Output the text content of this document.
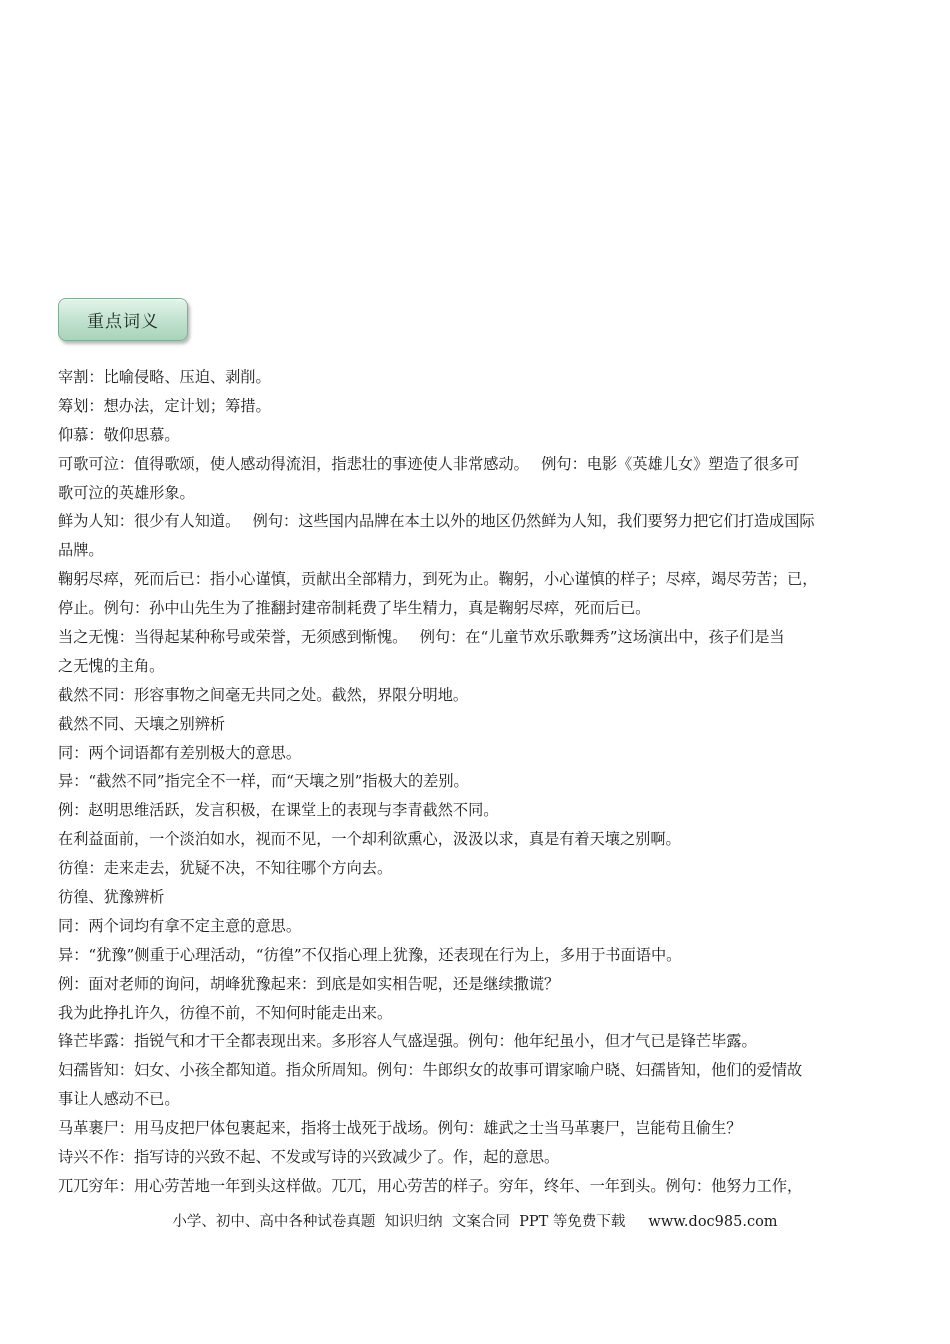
重点词义
宰割：比喻侵略、压迫、剥削。
筹划：想办法，定计划；筹措。
仰慕：敬仰思慕。
可歌可泣：值得歌颂，使人感动得流泪，指悲壮的事迹使人非常感动。　 例句：电影《英雄儿女》塑造了很多可
歌可泣的英雄形象。
鲜为人知：很少有人知道。　 例句：这些国内品牌在本土以外的地区仍然鲜为人知，我们要努力把它们打造成国际
品牌。
鞠躬尽瘁，死而后已：指小心谨慎，贡献出全部精力，到死为止。鞠躬，小心谨慎的样子；尽瘁，竭尽劳苦；已，
停止。例句：孙中山先生为了推翻封建帝制耗费了毕生精力，真是鞠躬尽瘁，死而后已。
当之无愧：当得起某种称号或荣誉，无须感到惭愧。　 例句：在“儿童节欢乐歌舞秀”这场演出中，孩子们是当
之无愧的主角。
截然不同：形容事物之间毫无共同之处。截然，界限分明地。
截然不同、天壤之别辨析
同：两个词语都有差别极大的意思。
异：“截然不同”指完全不一样，而“天壤之别”指极大的差别。
例：赵明思维活跃，发言积极，在课堂上的表现与李青截然不同。
在利益面前，一个淡泊如水，视而不见，一个却利欲熏心，汲汲以求，真是有着天壤之别啊。
彷徨：走来走去，犹疑不决，不知往哪个方向去。
彷徨、犹豫辨析
同：两个词均有拿不定主意的意思。
异：“犹豫”侧重于心理活动，“彷徨”不仅指心理上犹豫，还表现在行为上，多用于书面语中。
例：面对老师的询问，胡峰犹豫起来：到底是如实相告呢，还是继续撒谎？
我为此挣扎许久，彷徨不前，不知何时能走出来。
锋芒毕露：指锐气和才干全都表现出来。多形容人气盛逞强。例句：他年纪虽小，但才气已是锋芒毕露。
妇孺皆知：妇女、小孩全都知道。指众所周知。例句：牛郎织女的故事可谓家喻户晓、妇孺皆知，他们的爱情故
事让人感动不已。
马革裹尸：用马皮把尸体包裹起来，指将士战死于战场。例句：雄武之士当马革裹尸，岂能苟且偷生？
诗兴不作：指写诗的兴致不起、不发或写诗的兴致减少了。作，起的意思。
兀兀穷年：用心劳苦地一年到头这样做。兀兀，用心劳苦的样子。穷年，终年、一年到头。例句：他努力工作，
小学、初中、高中各种试卷真题  知识归纳  文案合同  PPT 等免费下载     www.doc985.com
